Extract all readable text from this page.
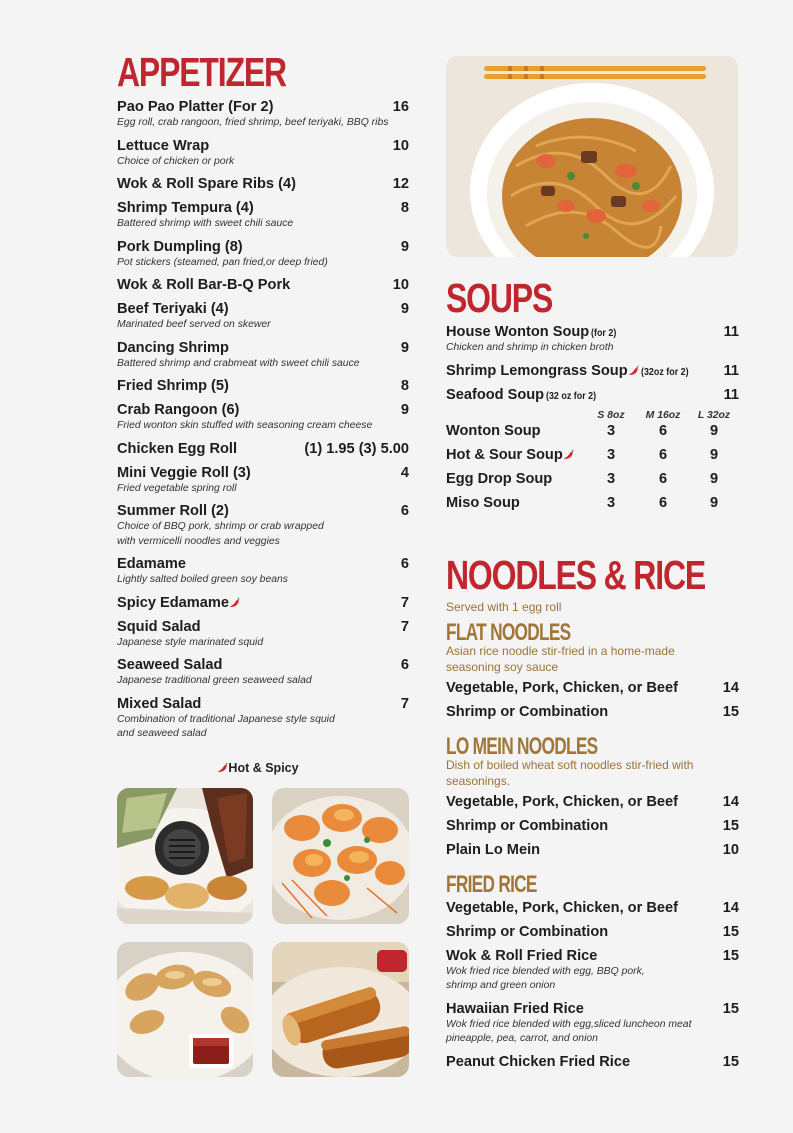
APPETIZER
Pao Pao Platter (For 2)	16
Egg roll, crab rangoon, fried shrimp, beef teriyaki, BBQ ribs
Lettuce Wrap	10
Choice of chicken or pork
Wok & Roll Spare Ribs (4)	12
Shrimp Tempura (4)	8
Battered shrimp with sweet chili sauce
Pork Dumpling (8)	9
Pot stickers (steamed, pan fried,or deep fried)
Wok & Roll Bar-B-Q Pork	10
Beef Teriyaki (4)	9
Marinated beef served on skewer
Dancing Shrimp	9
Battered shrimp and crabmeat with sweet chili sauce
Fried Shrimp (5)	8
Crab Rangoon (6)	9
Fried wonton skin stuffed with seasoning cream cheese
Chicken Egg Roll	(1) 1.95 (3) 5.00
Mini Veggie Roll (3)	4
Fried vegetable spring roll
Summer Roll (2)	6
Choice of BBQ pork, shrimp or crab wrapped
with vermicelli noodles and veggies
Edamame	6
Lightly salted boiled green soy beans
Spicy Edamame	7
Squid Salad	7
Japanese style marinated squid
Seaweed Salad	6
Japanese traditional green seaweed salad
Mixed Salad	7
Combination of traditional Japanese style squid
and seaweed salad
Hot & Spicy
SOUPS
House Wonton Soup (for 2)	11
Chicken and shrimp in chicken broth
Shrimp Lemongrass Soup (32oz for 2)	11
Seafood Soup (32 oz for 2)	11
S 8oz	M 16oz	L 32oz
Wonton Soup	3	6	9
Hot & Sour Soup	3	6	9
Egg Drop Soup	3	6	9
Miso Soup	3	6	9
NOODLES & RICE
Served with 1 egg roll
FLAT NOODLES
Asian rice noodle stir-fried in a home-made seasoning soy sauce
Vegetable, Pork, Chicken, or Beef	14
Shrimp or Combination	15
LO MEIN NOODLES
Dish of boiled wheat soft noodles stir-fried with seasonings.
Vegetable, Pork, Chicken, or Beef	14
Shrimp or Combination	15
Plain Lo Mein	10
FRIED RICE
Vegetable, Pork, Chicken, or Beef	14
Shrimp or Combination	15
Wok & Roll Fried Rice	15
Wok fried rice blended with egg, BBQ pork,
shrimp and green onion
Hawaiian Fried Rice	15
Wok fried rice blended with egg,sliced luncheon meat
pineapple, pea, carrot, and onion
Peanut Chicken Fried Rice	15
